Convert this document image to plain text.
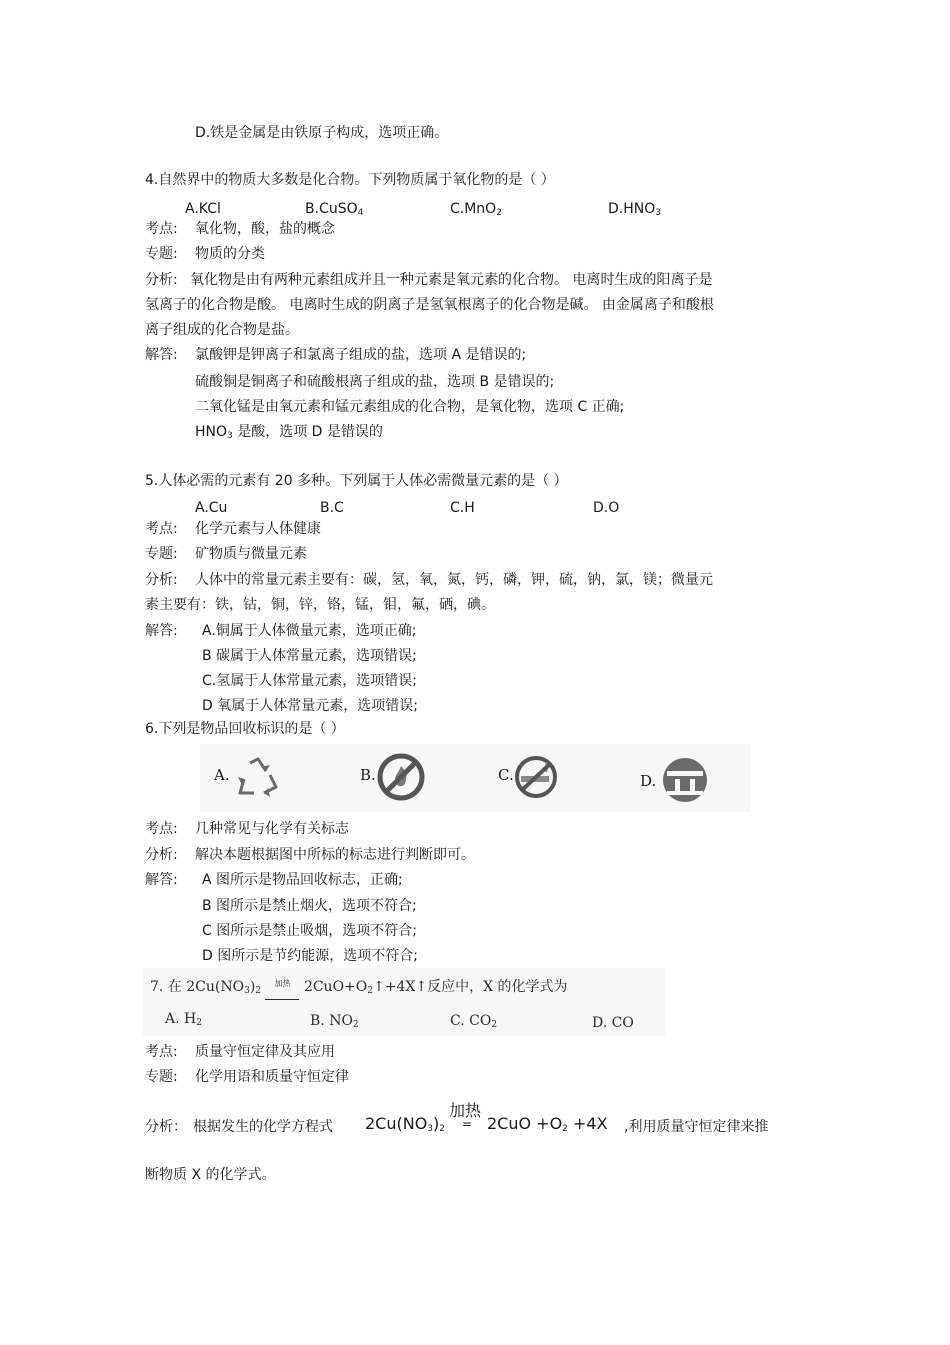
D.铁是金属是由铁原子构成，选项正确。
4.自然界中的物质大多数是化合物。下列物质属于氧化物的是（ ）
A.KCl	B.CuSO$_4$	C.MnO$_2$	$D.HNO_3$
考点: 氧化物，酸，盐的概念
专题: 物质的分类
分析: 氧化物是由有两种元素组成并且一种元素是氧元素的化合物。 电离时生成的阳离子是
氢离子的化合物是酸。 电离时生成的阴离子是氢氧根离子的化合物是碱。 由金属离子和酸根
离子组成的化合物是盐。
解答: 氯酸钾是钾离子和氯离子组成的盐，选项 A 是错误的;
硫酸铜是铜离子和硫酸根离子组成的盐，选项 B 是错误的;
二氧化锰是由氧元素和锰元素组成的化合物，是氧化物，选项 C 正确;
$HNO_3$ 是酸，选项 D 是错误的
5.人体必需的元素有 20 多种。下列属于人体必需微量元素的是（ ）
A.Cu	B.C	C.H	D.O
考点: 化学元素与人体健康
专题: 矿物质与微量元素
分析: 人体中的常量元素主要有：碳，氢，氧，氮，钙，磷，钾，硫，钠，氯，镁；微量元
素主要有：铁，钴，铜，锌，铬，锰，钼，氟，硒，碘。
解答: A.铜属于人体微量元素，选项正确;
B 碳属于人体常量元素，选项错误;
C.氢属于人体常量元素，选项错误;
D 氧属于人体常量元素，选项错误;
6.下列是物品回收标识的是（ ）
A.	B.	C.	D.
考点: 几种常见与化学有关标志
分析: 解决本题根据图中所标的标志进行判断即可。
解答: A 图所示是物品回收标志，正确;
B 图所示是禁止烟火，选项不符合;
C 图所示是禁止吸烟，选项不符合;
D 图所示是节约能源，选项不符合;
7. 在 $2Cu(NO_3)_2$
加热 $2CuO+O_2↑+4X↑$反应中，X 的化学式为
A. $H_2$	B. $NO_2$	C. $CO_2$	D. CO
考点: 质量守恒定律及其应用
专题: 化学用语和质量守恒定律
分析： 根据发生的化学方程式 $2Cu(NO_3)_2$
加热
= $2CuO +O_2 +4X$ ,利用质量守恒定律来推
断物质 X 的化学式。
